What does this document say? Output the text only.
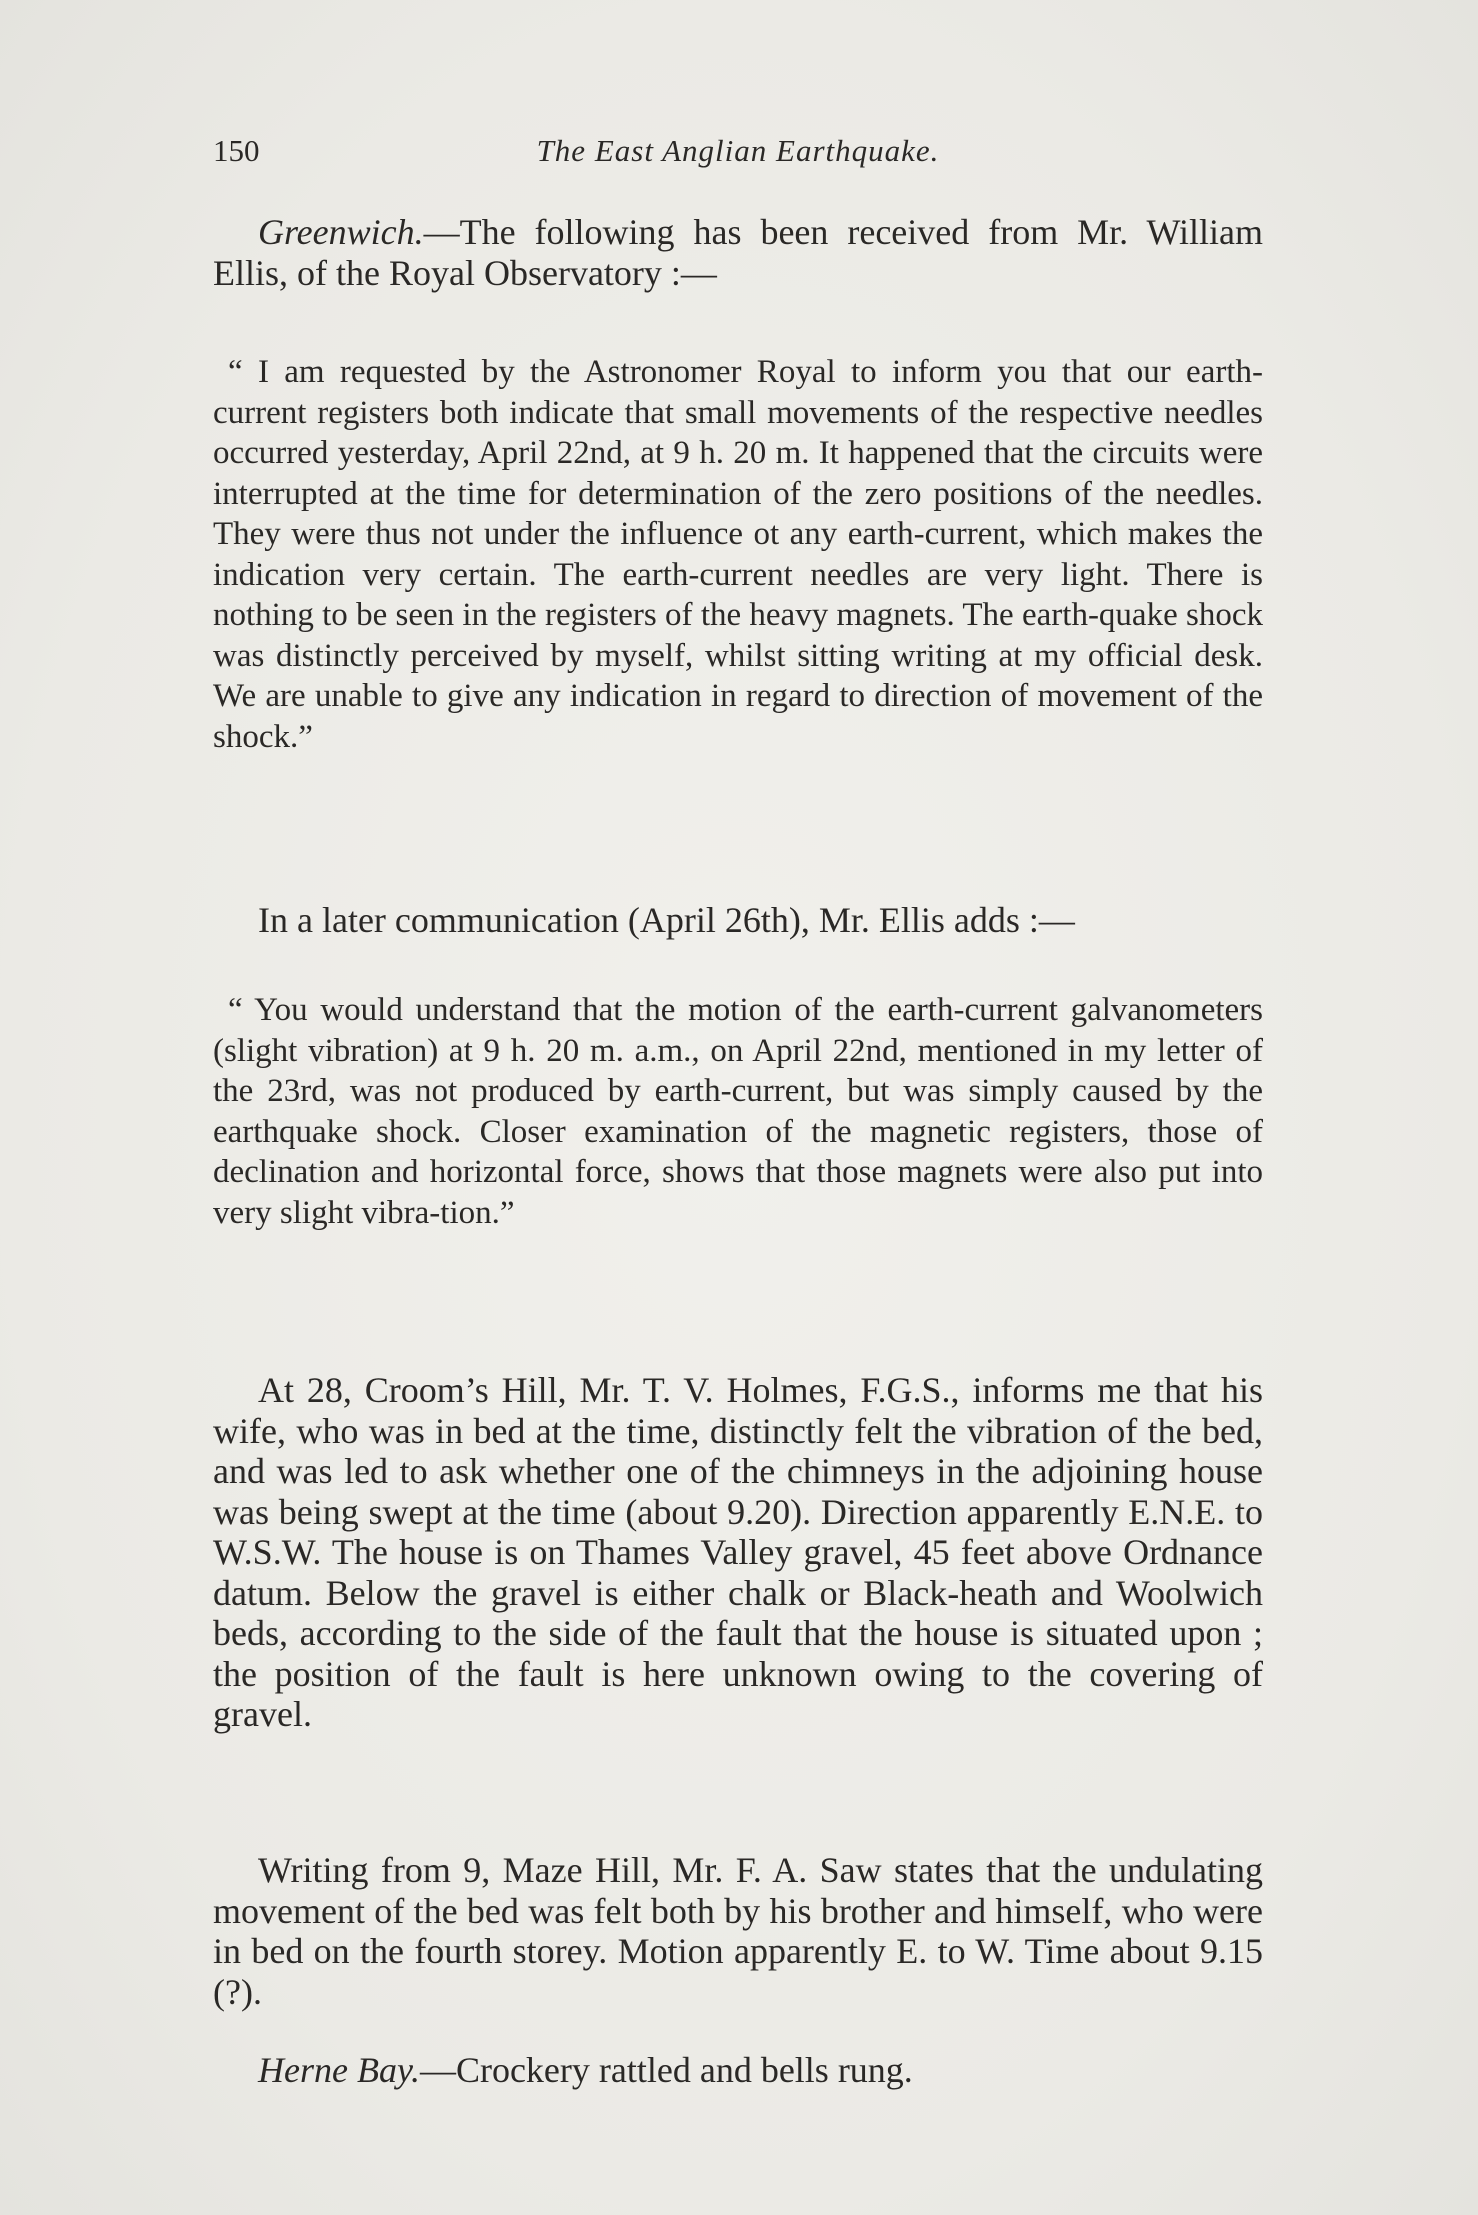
150	The East Anglian Earthquake.

Greenwich.—The following has been received from Mr. William Ellis, of the Royal Observatory :—

“ I am requested by the Astronomer Royal to inform you that our earth-current registers both indicate that small movements of the respective needles occurred yesterday, April 22nd, at 9 h. 20 m. It happened that the circuits were interrupted at the time for determination of the zero positions of the needles. They were thus not under the influence ot any earth-current, which makes the indication very certain. The earth-current needles are very light. There is nothing to be seen in the registers of the heavy magnets. The earth-quake shock was distinctly perceived by myself, whilst sitting writing at my official desk. We are unable to give any indication in regard to direction of movement of the shock.”

In a later communication (April 26th), Mr. Ellis adds :—

“ You would understand that the motion of the earth-current galvanometers (slight vibration) at 9 h. 20 m. a.m., on April 22nd, mentioned in my letter of the 23rd, was not produced by earth-current, but was simply caused by the earthquake shock. Closer examination of the magnetic registers, those of declination and horizontal force, shows that those magnets were also put into very slight vibra-tion.”

At 28, Croom’s Hill, Mr. T. V. Holmes, F.G.S., informs me that his wife, who was in bed at the time, distinctly felt the vibration of the bed, and was led to ask whether one of the chimneys in the adjoining house was being swept at the time (about 9.20). Direction apparently E.N.E. to W.S.W. The house is on Thames Valley gravel, 45 feet above Ordnance datum. Below the gravel is either chalk or Black-heath and Woolwich beds, according to the side of the fault that the house is situated upon ; the position of the fault is here unknown owing to the covering of gravel.

Writing from 9, Maze Hill, Mr. F. A. Saw states that the undulating movement of the bed was felt both by his brother and himself, who were in bed on the fourth storey. Motion apparently E. to W. Time about 9.15 (?).

Herne Bay.—Crockery rattled and bells rung.
